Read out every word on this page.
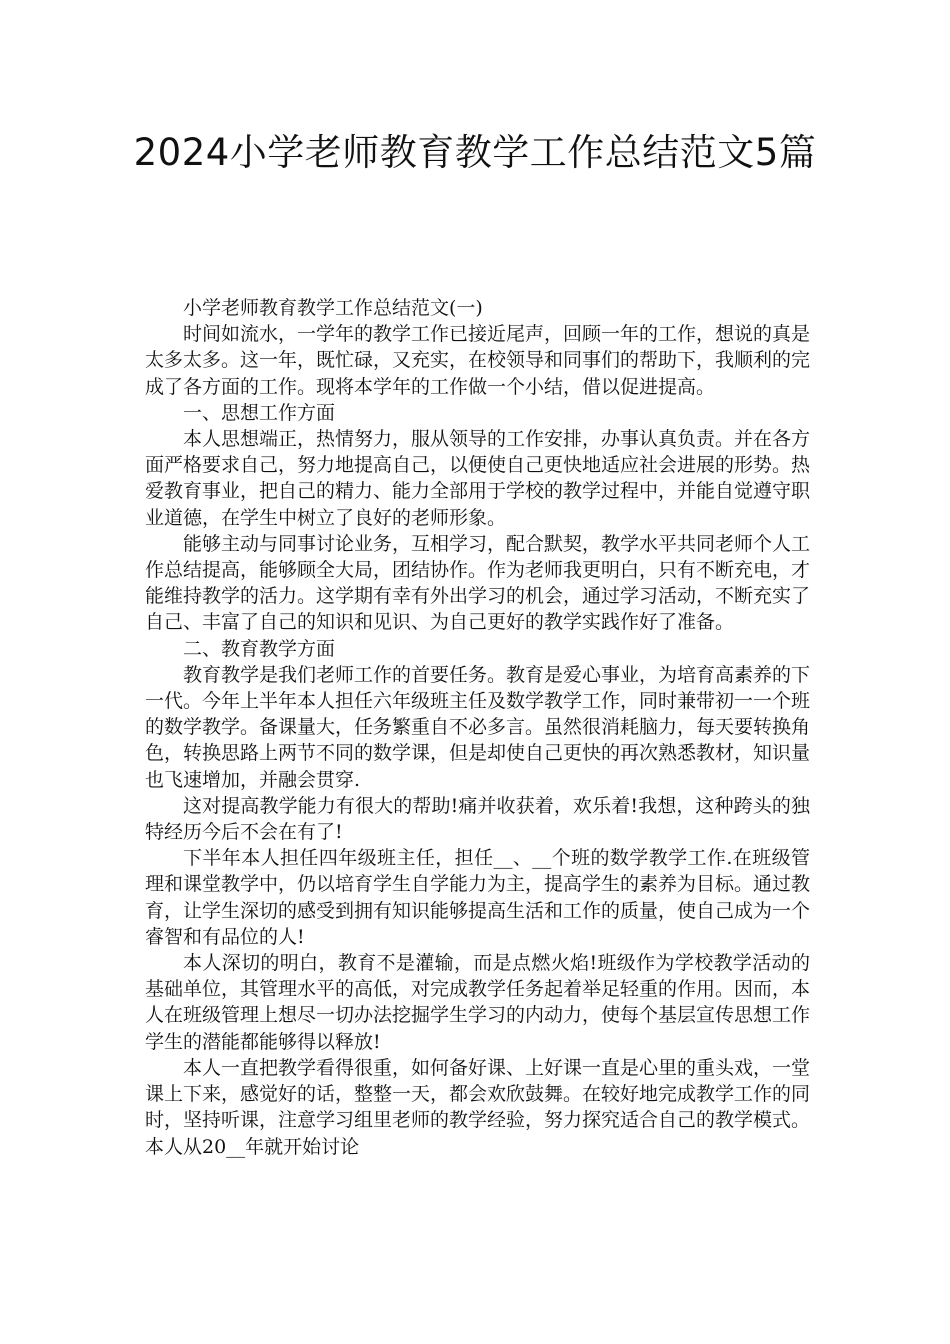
2024小学老师教育教学工作总结范文5篇

小学老师教育教学工作总结范文(一)

时间如流水，一学年的教学工作已接近尾声，回顾一年的工作，想说的真是太多太多。这一年，既忙碌，又充实，在校领导和同事们的帮助下，我顺利的完成了各方面的工作。现将本学年的工作做一个小结，借以促进提高。

一、思想工作方面

本人思想端正，热情努力，服从领导的工作安排，办事认真负责。并在各方面严格要求自己，努力地提高自己，以便使自己更快地适应社会进展的形势。热爱教育事业，把自己的精力、能力全部用于学校的教学过程中，并能自觉遵守职业道德，在学生中树立了良好的老师形象。

能够主动与同事讨论业务，互相学习，配合默契，教学水平共同老师个人工作总结提高，能够顾全大局，团结协作。作为老师我更明白，只有不断充电，才能维持教学的活力。这学期有幸有外出学习的机会，通过学习活动，不断充实了自己、丰富了自己的知识和见识、为自己更好的教学实践作好了准备。

二、教育教学方面

教育教学是我们老师工作的首要任务。教育是爱心事业，为培育高素养的下一代。今年上半年本人担任六年级班主任及数学教学工作，同时兼带初一一个班的数学教学。备课量大，任务繁重自不必多言。虽然很消耗脑力，每天要转换角色，转换思路上两节不同的数学课，但是却使自己更快的再次熟悉教材，知识量也飞速增加，并融会贯穿.

这对提高教学能力有很大的帮助!痛并收获着，欢乐着!我想，这种跨头的独特经历今后不会在有了!

下半年本人担任四年级班主任，担任__、__个班的数学教学工作.在班级管理和课堂教学中，仍以培育学生自学能力为主，提高学生的素养为目标。通过教育，让学生深切的感受到拥有知识能够提高生活和工作的质量，使自己成为一个睿智和有品位的人!

本人深切的明白，教育不是灌输，而是点燃火焰!班级作为学校教学活动的基础单位，其管理水平的高低，对完成教学任务起着举足轻重的作用。因而，本人在班级管理上想尽一切办法挖掘学生学习的内动力，使每个基层宣传思想工作学生的潜能都能够得以释放!

本人一直把教学看得很重，如何备好课、上好课一直是心里的重头戏，一堂课上下来，感觉好的话，整整一天，都会欢欣鼓舞。在较好地完成教学工作的同时，坚持听课，注意学习组里老师的教学经验，努力探究适合自己的教学模式。本人从20__年就开始讨论
